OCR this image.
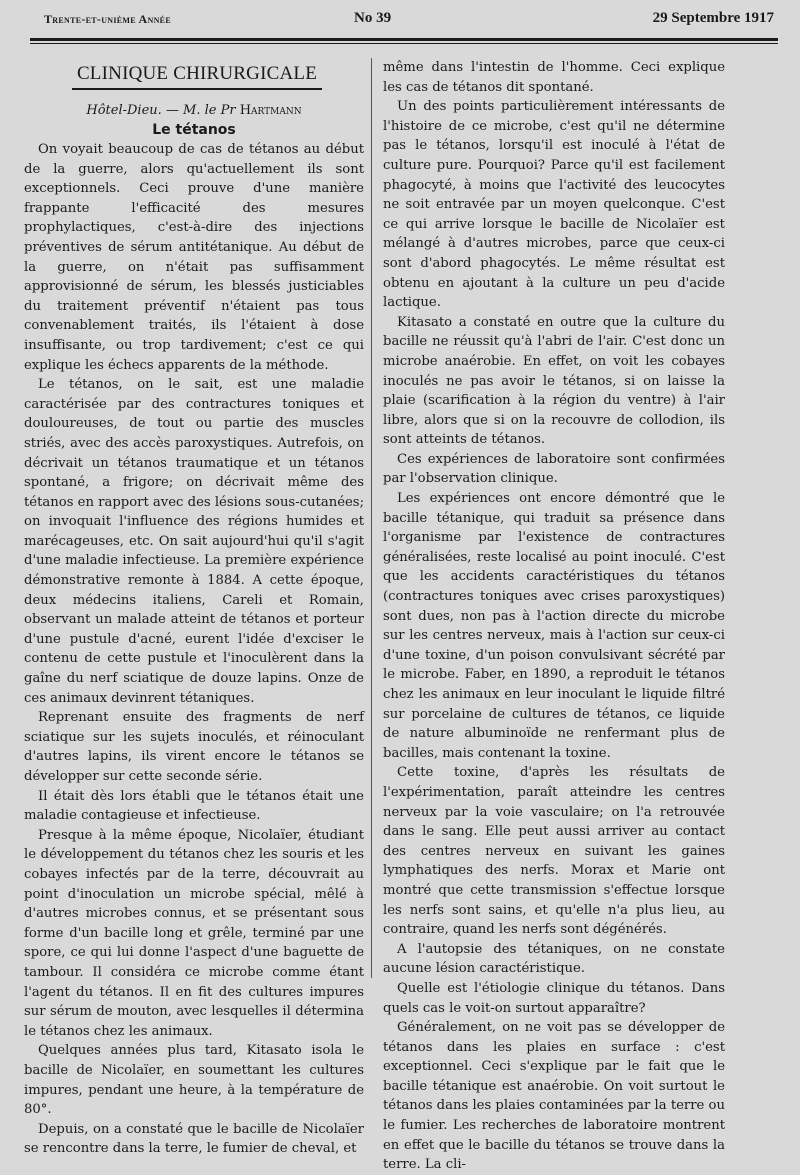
Trente-et-unième Année	No 39	29 Septembre 1917
CLINIQUE CHIRURGICALE

Hôtel-Dieu. — M. le Pr Hartmann

Le tétanos

On voyait beaucoup de cas de tétanos au début de la guerre, alors qu'actuellement ils sont exceptionnels. Ceci prouve d'une manière frappante l'efficacité des mesures prophylactiques, c'est-à-dire des injections préventives de sérum antitétanique. Au début de la guerre, on n'était pas suffisamment approvisionné de sérum, les blessés justiciables du traitement préventif n'étaient pas tous convenablement traités, ils l'étaient à dose insuffisante, ou trop tardivement; c'est ce qui explique les échecs apparents de la méthode.

Le tétanos, on le sait, est une maladie caractérisée par des contractures toniques et douloureuses, de tout ou partie des muscles striés, avec des accès paroxystiques. Autrefois, on décrivait un tétanos traumatique et un tétanos spontané, a frigore; on décrivait même des tétanos en rapport avec des lésions sous-cutanées; on invoquait l'influence des régions humides et marécageuses, etc. On sait aujourd'hui qu'il s'agit d'une maladie infectieuse. La première expérience démonstrative remonte à 1884. A cette époque, deux médecins italiens, Careli et Romain, observant un malade atteint de tétanos et porteur d'une pustule d'acné, eurent l'idée d'exciser le contenu de cette pustule et l'inoculèrent dans la gaîne du nerf sciatique de douze lapins. Onze de ces animaux devinrent tétaniques.

Reprenant ensuite des fragments de nerf sciatique sur les sujets inoculés, et réinoculant d'autres lapins, ils virent encore le tétanos se développer sur cette seconde série.

Il était dès lors établi que le tétanos était une maladie contagieuse et infectieuse.

Presque à la même époque, Nicolaïer, étudiant le développement du tétanos chez les souris et les cobayes infectés par de la terre, découvrait au point d'inoculation un microbe spécial, mêlé à d'autres microbes connus, et se présentant sous forme d'un bacille long et grêle, terminé par une spore, ce qui lui donne l'aspect d'une baguette de tambour. Il considéra ce microbe comme étant l'agent du tétanos. Il en fit des cultures impures sur sérum de mouton, avec lesquelles il détermina le tétanos chez les animaux.

Quelques années plus tard, Kitasato isola le bacille de Nicolaïer, en soumettant les cultures impures, pendant une heure, à la température de 80°.

Depuis, on a constaté que le bacille de Nicolaïer se rencontre dans la terre, le fumier de cheval, et

même dans l'intestin de l'homme. Ceci explique les cas de tétanos dit spontané.

Un des points particulièrement intéressants de l'histoire de ce microbe, c'est qu'il ne détermine pas le tétanos, lorsqu'il est inoculé à l'état de culture pure. Pourquoi? Parce qu'il est facilement phagocyté, à moins que l'activité des leucocytes ne soit entravée par un moyen quelconque. C'est ce qui arrive lorsque le bacille de Nicolaïer est mélangé à d'autres microbes, parce que ceux-ci sont d'abord phagocytés. Le même résultat est obtenu en ajoutant à la culture un peu d'acide lactique.

Kitasato a constaté en outre que la culture du bacille ne réussit qu'à l'abri de l'air. C'est donc un microbe anaérobie. En effet, on voit les cobayes inoculés ne pas avoir le tétanos, si on laisse la plaie (scarification à la région du ventre) à l'air libre, alors que si on la recouvre de collodion, ils sont atteints de tétanos.

Ces expériences de laboratoire sont confirmées par l'observation clinique.

Les expériences ont encore démontré que le bacille tétanique, qui traduit sa présence dans l'organisme par l'existence de contractures généralisées, reste localisé au point inoculé. C'est que les accidents caractéristiques du tétanos (contractures toniques avec crises paroxystiques) sont dues, non pas à l'action directe du microbe sur les centres nerveux, mais à l'action sur ceux-ci d'une toxine, d'un poison convulsivant sécrété par le microbe. Faber, en 1890, a reproduit le tétanos chez les animaux en leur inoculant le liquide filtré sur porcelaine de cultures de tétanos, ce liquide de nature albuminoïde ne renfermant plus de bacilles, mais contenant la toxine.

Cette toxine, d'après les résultats de l'expérimentation, paraît atteindre les centres nerveux par la voie vasculaire; on l'a retrouvée dans le sang. Elle peut aussi arriver au contact des centres nerveux en suivant les gaines lymphatiques des nerfs. Morax et Marie ont montré que cette transmission s'effectue lorsque les nerfs sont sains, et qu'elle n'a plus lieu, au contraire, quand les nerfs sont dégénérés.

A l'autopsie des tétaniques, on ne constate aucune lésion caractéristique.

Quelle est l'étiologie clinique du tétanos. Dans quels cas le voit-on surtout apparaître?

Généralement, on ne voit pas se développer de tétanos dans les plaies en surface : c'est exceptionnel. Ceci s'explique par le fait que le bacille tétanique est anaérobie. On voit surtout le tétanos dans les plaies contaminées par la terre ou le fumier. Les recherches de laboratoire montrent en effet que le bacille du tétanos se trouve dans la terre. La cli-
